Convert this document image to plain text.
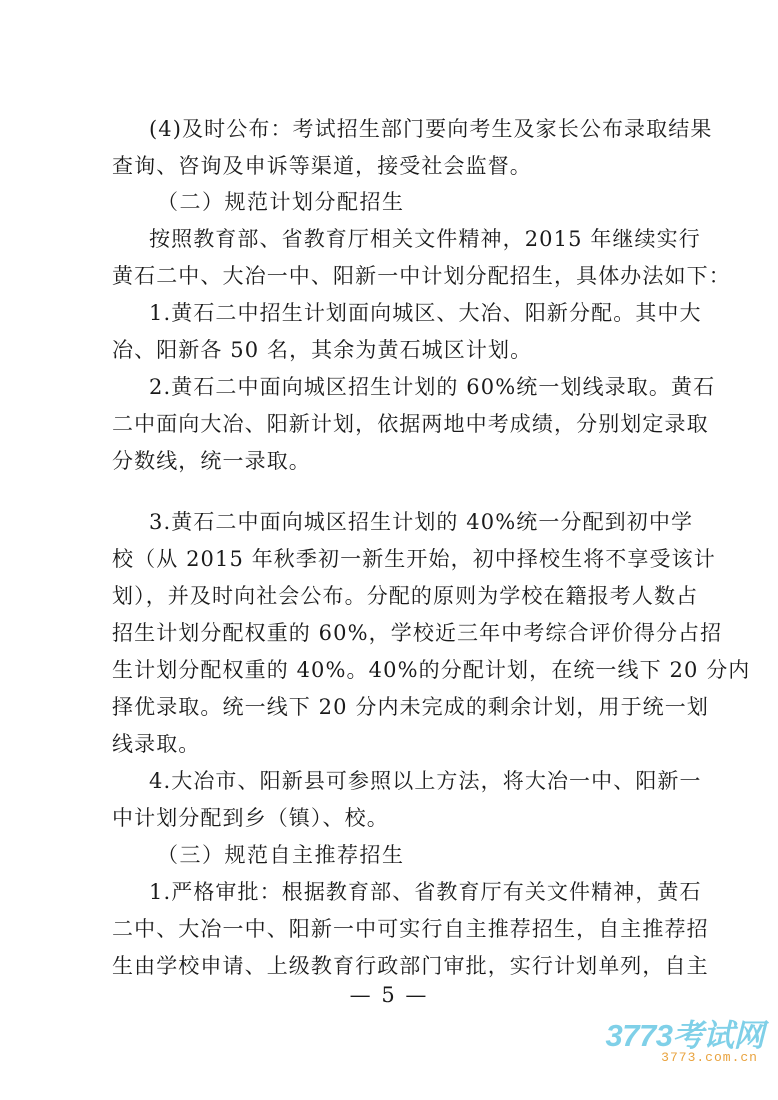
(4)及时公布：考试招生部门要向考生及家长公布录取结果
查询、咨询及申诉等渠道，接受社会监督。
（二）规范计划分配招生
按照教育部、省教育厅相关文件精神，2015 年继续实行
黄石二中、大冶一中、阳新一中计划分配招生，具体办法如下：
1.黄石二中招生计划面向城区、大冶、阳新分配。其中大
冶、阳新各 50 名，其余为黄石城区计划。
2.黄石二中面向城区招生计划的 60%统一划线录取。黄石
二中面向大冶、阳新计划，依据两地中考成绩，分别划定录取
分数线，统一录取。
3.黄石二中面向城区招生计划的 40%统一分配到初中学
校（从 2015 年秋季初一新生开始，初中择校生将不享受该计
划），并及时向社会公布。分配的原则为学校在籍报考人数占
招生计划分配权重的 60%，学校近三年中考综合评价得分占招
生计划分配权重的 40%。40%的分配计划，在统一线下 20 分内
择优录取。统一线下 20 分内未完成的剩余计划，用于统一划
线录取。
4.大冶市、阳新县可参照以上方法，将大冶一中、阳新一
中计划分配到乡（镇）、校。
（三）规范自主推荐招生
1.严格审批：根据教育部、省教育厅有关文件精神，黄石
二中、大冶一中、阳新一中可实行自主推荐招生，自主推荐招
生由学校申请、上级教育行政部门审批，实行计划单列，自主
— 5 —
3773考试网
3773.com.cn
